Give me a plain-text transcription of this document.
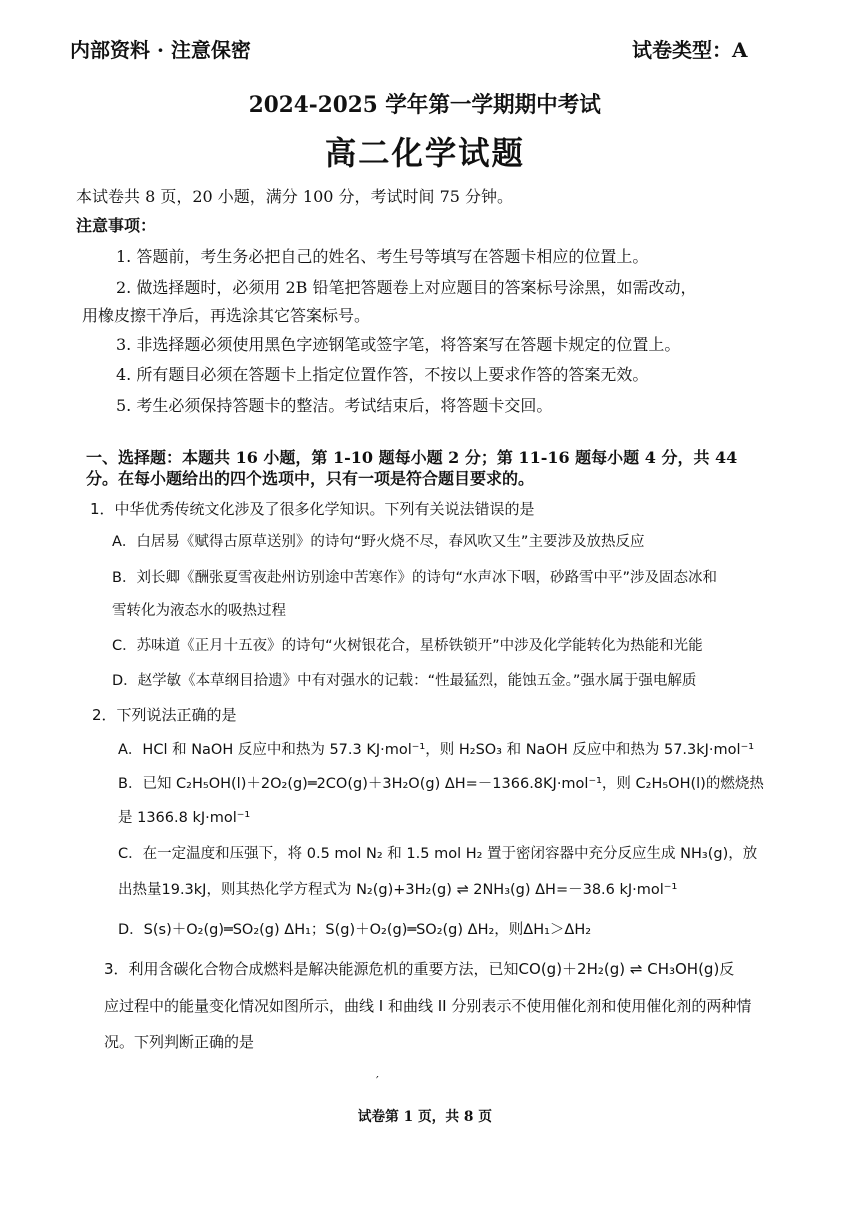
内部资料 · 注意保密	试卷类型：A
2024-2025 学年第一学期期中考试
高二化学试题
本试卷共 8 页，20 小题，满分 100 分，考试时间 75 分钟。
注意事项：
1. 答题前，考生务必把自己的姓名、考生号等填写在答题卡相应的位置上。
2. 做选择题时，必须用 2B 铅笔把答题卷上对应题目的答案标号涂黑，如需改动，
用橡皮擦干净后，再选涂其它答案标号。
3. 非选择题必须使用黑色字迹钢笔或签字笔，将答案写在答题卡规定的位置上。
4. 所有题目必须在答题卡上指定位置作答，不按以上要求作答的答案无效。
5. 考生必须保持答题卡的整洁。考试结束后，将答题卡交回。
一、选择题：本题共 16 小题，第 1-10 题每小题 2 分；第 11-16 题每小题 4 分，共 44
分。在每小题给出的四个选项中，只有一项是符合题目要求的。
1．中华优秀传统文化涉及了很多化学知识。下列有关说法错误的是
A．白居易《赋得古原草送别》的诗句“野火烧不尽，春风吹又生”主要涉及放热反应
B．刘长卿《酬张夏雪夜赴州访别途中苦寒作》的诗句“水声冰下咽，砂路雪中平”涉及固态冰和
雪转化为液态水的吸热过程
C．苏味道《正月十五夜》的诗句“火树银花合，星桥铁锁开”中涉及化学能转化为热能和光能
D．赵学敏《本草纲目拾遗》中有对强水的记载：“性最猛烈，能蚀五金。”强水属于强电解质
2．下列说法正确的是
A．HCl 和 NaOH 反应中和热为 57.3 KJ·mol⁻¹，则 H₂SO₃ 和 NaOH 反应中和热为 57.3kJ·mol⁻¹
B．已知 C₂H₅OH(l)＋2O₂(g)═2CO(g)＋3H₂O(g) ΔH=－1366.8KJ·mol⁻¹，则 C₂H₅OH(l)的燃烧热
是 1366.8 kJ·mol⁻¹
C．在一定温度和压强下，将 0.5 mol N₂ 和 1.5 mol H₂ 置于密闭容器中充分反应生成 NH₃(g)，放
出热量19.3kJ，则其热化学方程式为 N₂(g)+3H₂(g) ⇌ 2NH₃(g) ΔH=－38.6 kJ·mol⁻¹
D．S(s)＋O₂(g)═SO₂(g) ΔH₁；S(g)＋O₂(g)═SO₂(g) ΔH₂，则ΔH₁＞ΔH₂
3．利用含碳化合物合成燃料是解决能源危机的重要方法，已知CO(g)＋2H₂(g) ⇌ CH₃OH(g)反
应过程中的能量变化情况如图所示，曲线 I 和曲线 II 分别表示不使用催化剂和使用催化剂的两种情
况。下列判断正确的是
′
试卷第 1 页，共 8 页
